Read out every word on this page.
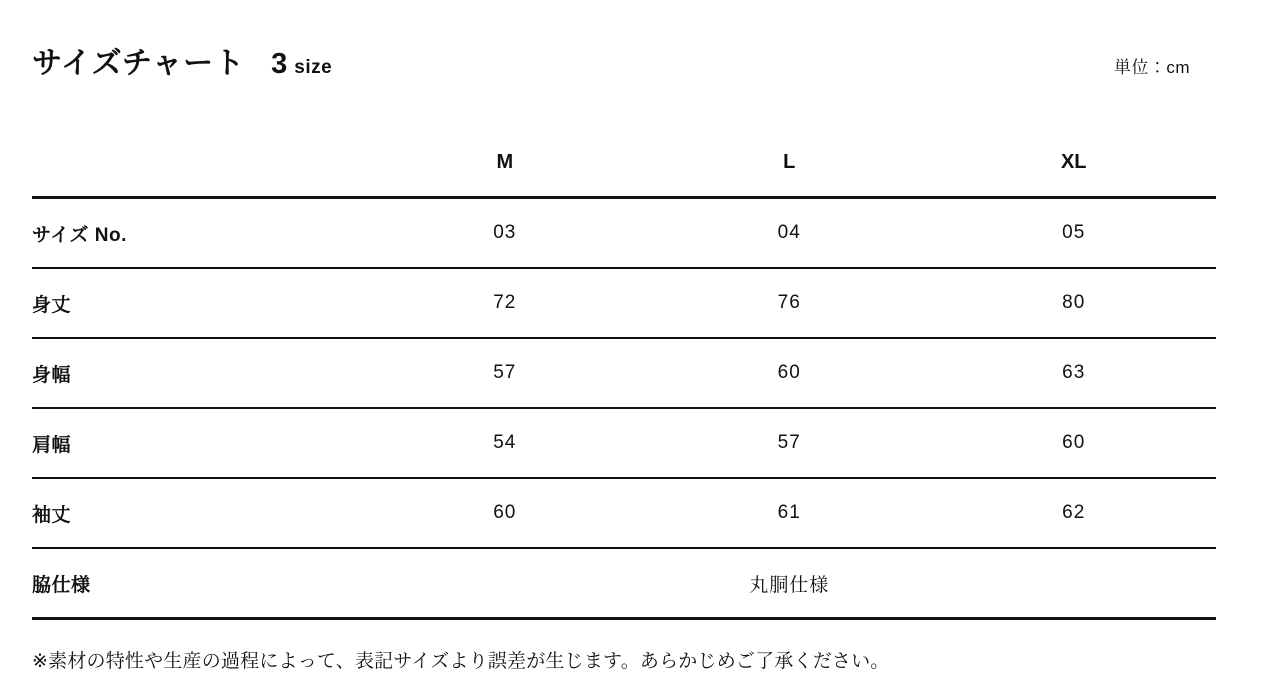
サイズチャート 3 size	単位：cm
	M	L	XL
サイズ No.	03	04	05
身丈	72	76	80
身幅	57	60	63
肩幅	54	57	60
袖丈	60	61	62
脇仕様	丸胴仕様		
※素材の特性や生産の過程によって、表記サイズより誤差が生じます。あらかじめご了承ください。
